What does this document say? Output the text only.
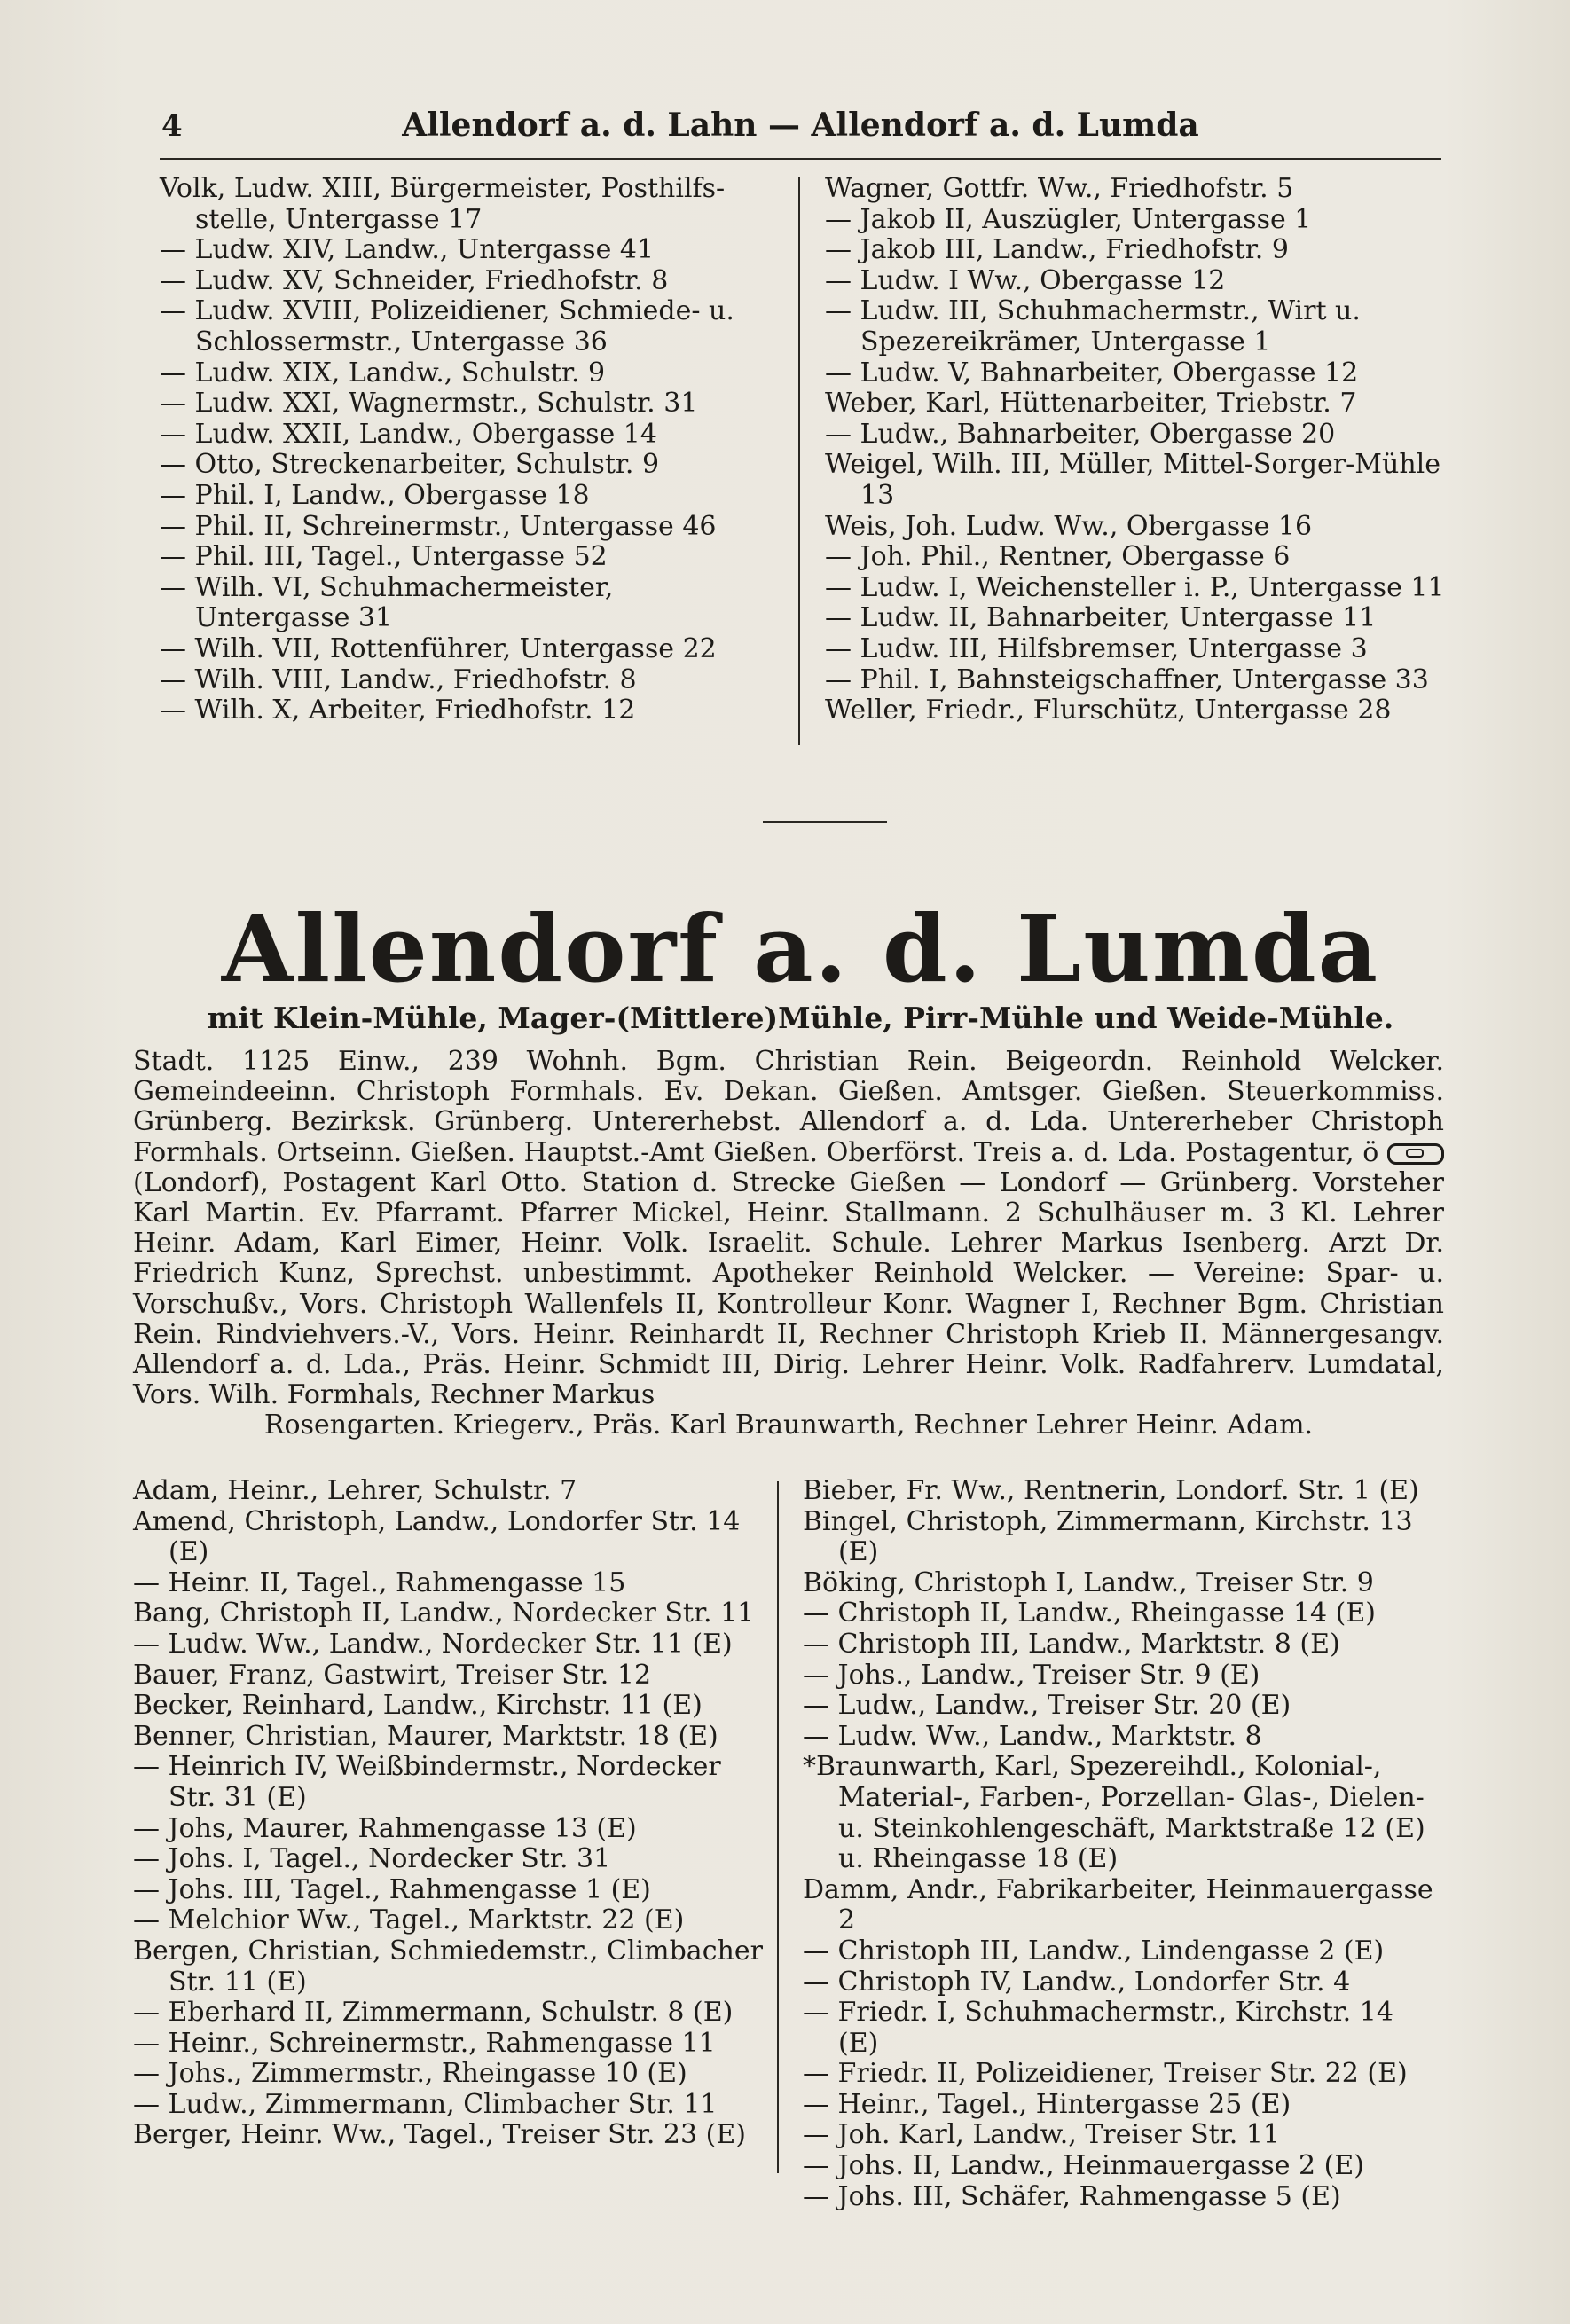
4	Allendorf a. d. Lahn — Allendorf a. d. Lumda
Volk, Ludw. XIII, Bürgermeister, Posthilfs-stelle, Untergasse 17
— Ludw. XIV, Landw., Untergasse 41
— Ludw. XV, Schneider, Friedhofstr. 8
— Ludw. XVIII, Polizeidiener, Schmiede- u. Schlossermstr., Untergasse 36
— Ludw. XIX, Landw., Schulstr. 9
— Ludw. XXI, Wagnermstr., Schulstr. 31
— Ludw. XXII, Landw., Obergasse 14
— Otto, Streckenarbeiter, Schulstr. 9
— Phil. I, Landw., Obergasse 18
— Phil. II, Schreinermstr., Untergasse 46
— Phil. III, Tagel., Untergasse 52
— Wilh. VI, Schuhmachermeister, Untergasse 31
— Wilh. VII, Rottenführer, Untergasse 22
— Wilh. VIII, Landw., Friedhofstr. 8
— Wilh. X, Arbeiter, Friedhofstr. 12
Wagner, Gottfr. Ww., Friedhofstr. 5
— Jakob II, Auszügler, Untergasse 1
— Jakob III, Landw., Friedhofstr. 9
— Ludw. I Ww., Obergasse 12
— Ludw. III, Schuhmachermstr., Wirt u. Spezereikrämer, Untergasse 1
— Ludw. V, Bahnarbeiter, Obergasse 12
Weber, Karl, Hüttenarbeiter, Triebstr. 7
— Ludw., Bahnarbeiter, Obergasse 20
Weigel, Wilh. III, Müller, Mittel-Sorger-Mühle 13
Weis, Joh. Ludw. Ww., Obergasse 16
— Joh. Phil., Rentner, Obergasse 6
— Ludw. I, Weichensteller i. P., Untergasse 11
— Ludw. II, Bahnarbeiter, Untergasse 11
— Ludw. III, Hilfsbremser, Untergasse 3
— Phil. I, Bahnsteigschaffner, Untergasse 33
Weller, Friedr., Flurschütz, Untergasse 28
Allendorf a. d. Lumda
mit Klein-Mühle, Mager-(Mittlere)Mühle, Pirr-Mühle und Weide-Mühle.
Stadt. 1125 Einw., 239 Wohnh. Bgm. Christian Rein. Beigeordn. Reinhold Welcker. Gemeindeeinn. Christoph Formhals. Ev. Dekan. Gießen. Amtsger. Gießen. Steuerkommiss. Grünberg. Bezirksk. Grünberg. Untererhebst. Allendorf a. d. Lda. Untererheber Christoph Formhals. Ortseinn. Gießen. Hauptst.-Amt Gießen. Oberförst. Treis a. d. Lda. Postagentur, ö  (Londorf), Postagent Karl Otto. Station d. Strecke Gießen — Londorf — Grünberg. Vorsteher Karl Martin. Ev. Pfarramt. Pfarrer Mickel, Heinr. Stallmann. 2 Schulhäuser m. 3 Kl. Lehrer Heinr. Adam, Karl Eimer, Heinr. Volk. Israelit. Schule. Lehrer Markus Isenberg. Arzt Dr. Friedrich Kunz, Sprechst. unbestimmt. Apotheker Reinhold Welcker. — Vereine: Spar- u. Vorschußv., Vors. Christoph Wallenfels II, Kontrolleur Konr. Wagner I, Rechner Bgm. Christian Rein. Rindviehvers.-V., Vors. Heinr. Reinhardt II, Rechner Christoph Krieb II. Männergesangv. Allendorf a. d. Lda., Präs. Heinr. Schmidt III, Dirig. Lehrer Heinr. Volk. Radfahrerv. Lumdatal, Vors. Wilh. Formhals, Rechner Markus
Rosengarten. Kriegerv., Präs. Karl Braunwarth, Rechner Lehrer Heinr. Adam.
Adam, Heinr., Lehrer, Schulstr. 7
Amend, Christoph, Landw., Londorfer Str. 14 (E)
— Heinr. II, Tagel., Rahmengasse 15
Bang, Christoph II, Landw., Nordecker Str. 11
— Ludw. Ww., Landw., Nordecker Str. 11 (E)
Bauer, Franz, Gastwirt, Treiser Str. 12
Becker, Reinhard, Landw., Kirchstr. 11 (E)
Benner, Christian, Maurer, Marktstr. 18 (E)
— Heinrich IV, Weißbindermstr., Nordecker Str. 31 (E)
— Johs, Maurer, Rahmengasse 13 (E)
— Johs. I, Tagel., Nordecker Str. 31
— Johs. III, Tagel., Rahmengasse 1 (E)
— Melchior Ww., Tagel., Marktstr. 22 (E)
Bergen, Christian, Schmiedemstr., Climbacher Str. 11 (E)
— Eberhard II, Zimmermann, Schulstr. 8 (E)
— Heinr., Schreinermstr., Rahmengasse 11
— Johs., Zimmermstr., Rheingasse 10 (E)
— Ludw., Zimmermann, Climbacher Str. 11
Berger, Heinr. Ww., Tagel., Treiser Str. 23 (E)
Bieber, Fr. Ww., Rentnerin, Londorf. Str. 1 (E)
Bingel, Christoph, Zimmermann, Kirchstr. 13 (E)
Böking, Christoph I, Landw., Treiser Str. 9
— Christoph II, Landw., Rheingasse 14 (E)
— Christoph III, Landw., Marktstr. 8 (E)
— Johs., Landw., Treiser Str. 9 (E)
— Ludw., Landw., Treiser Str. 20 (E)
— Ludw. Ww., Landw., Marktstr. 8
*Braunwarth, Karl, Spezereihdl., Kolonial-, Material-, Farben-, Porzellan- Glas-, Dielen- u. Steinkohlengeschäft, Marktstraße 12 (E) u. Rheingasse 18 (E)
Damm, Andr., Fabrikarbeiter, Heinmauergasse 2
— Christoph III, Landw., Lindengasse 2 (E)
— Christoph IV, Landw., Londorfer Str. 4
— Friedr. I, Schuhmachermstr., Kirchstr. 14 (E)
— Friedr. II, Polizeidiener, Treiser Str. 22 (E)
— Heinr., Tagel., Hintergasse 25 (E)
— Joh. Karl, Landw., Treiser Str. 11
— Johs. II, Landw., Heinmauergasse 2 (E)
— Johs. III, Schäfer, Rahmengasse 5 (E)
